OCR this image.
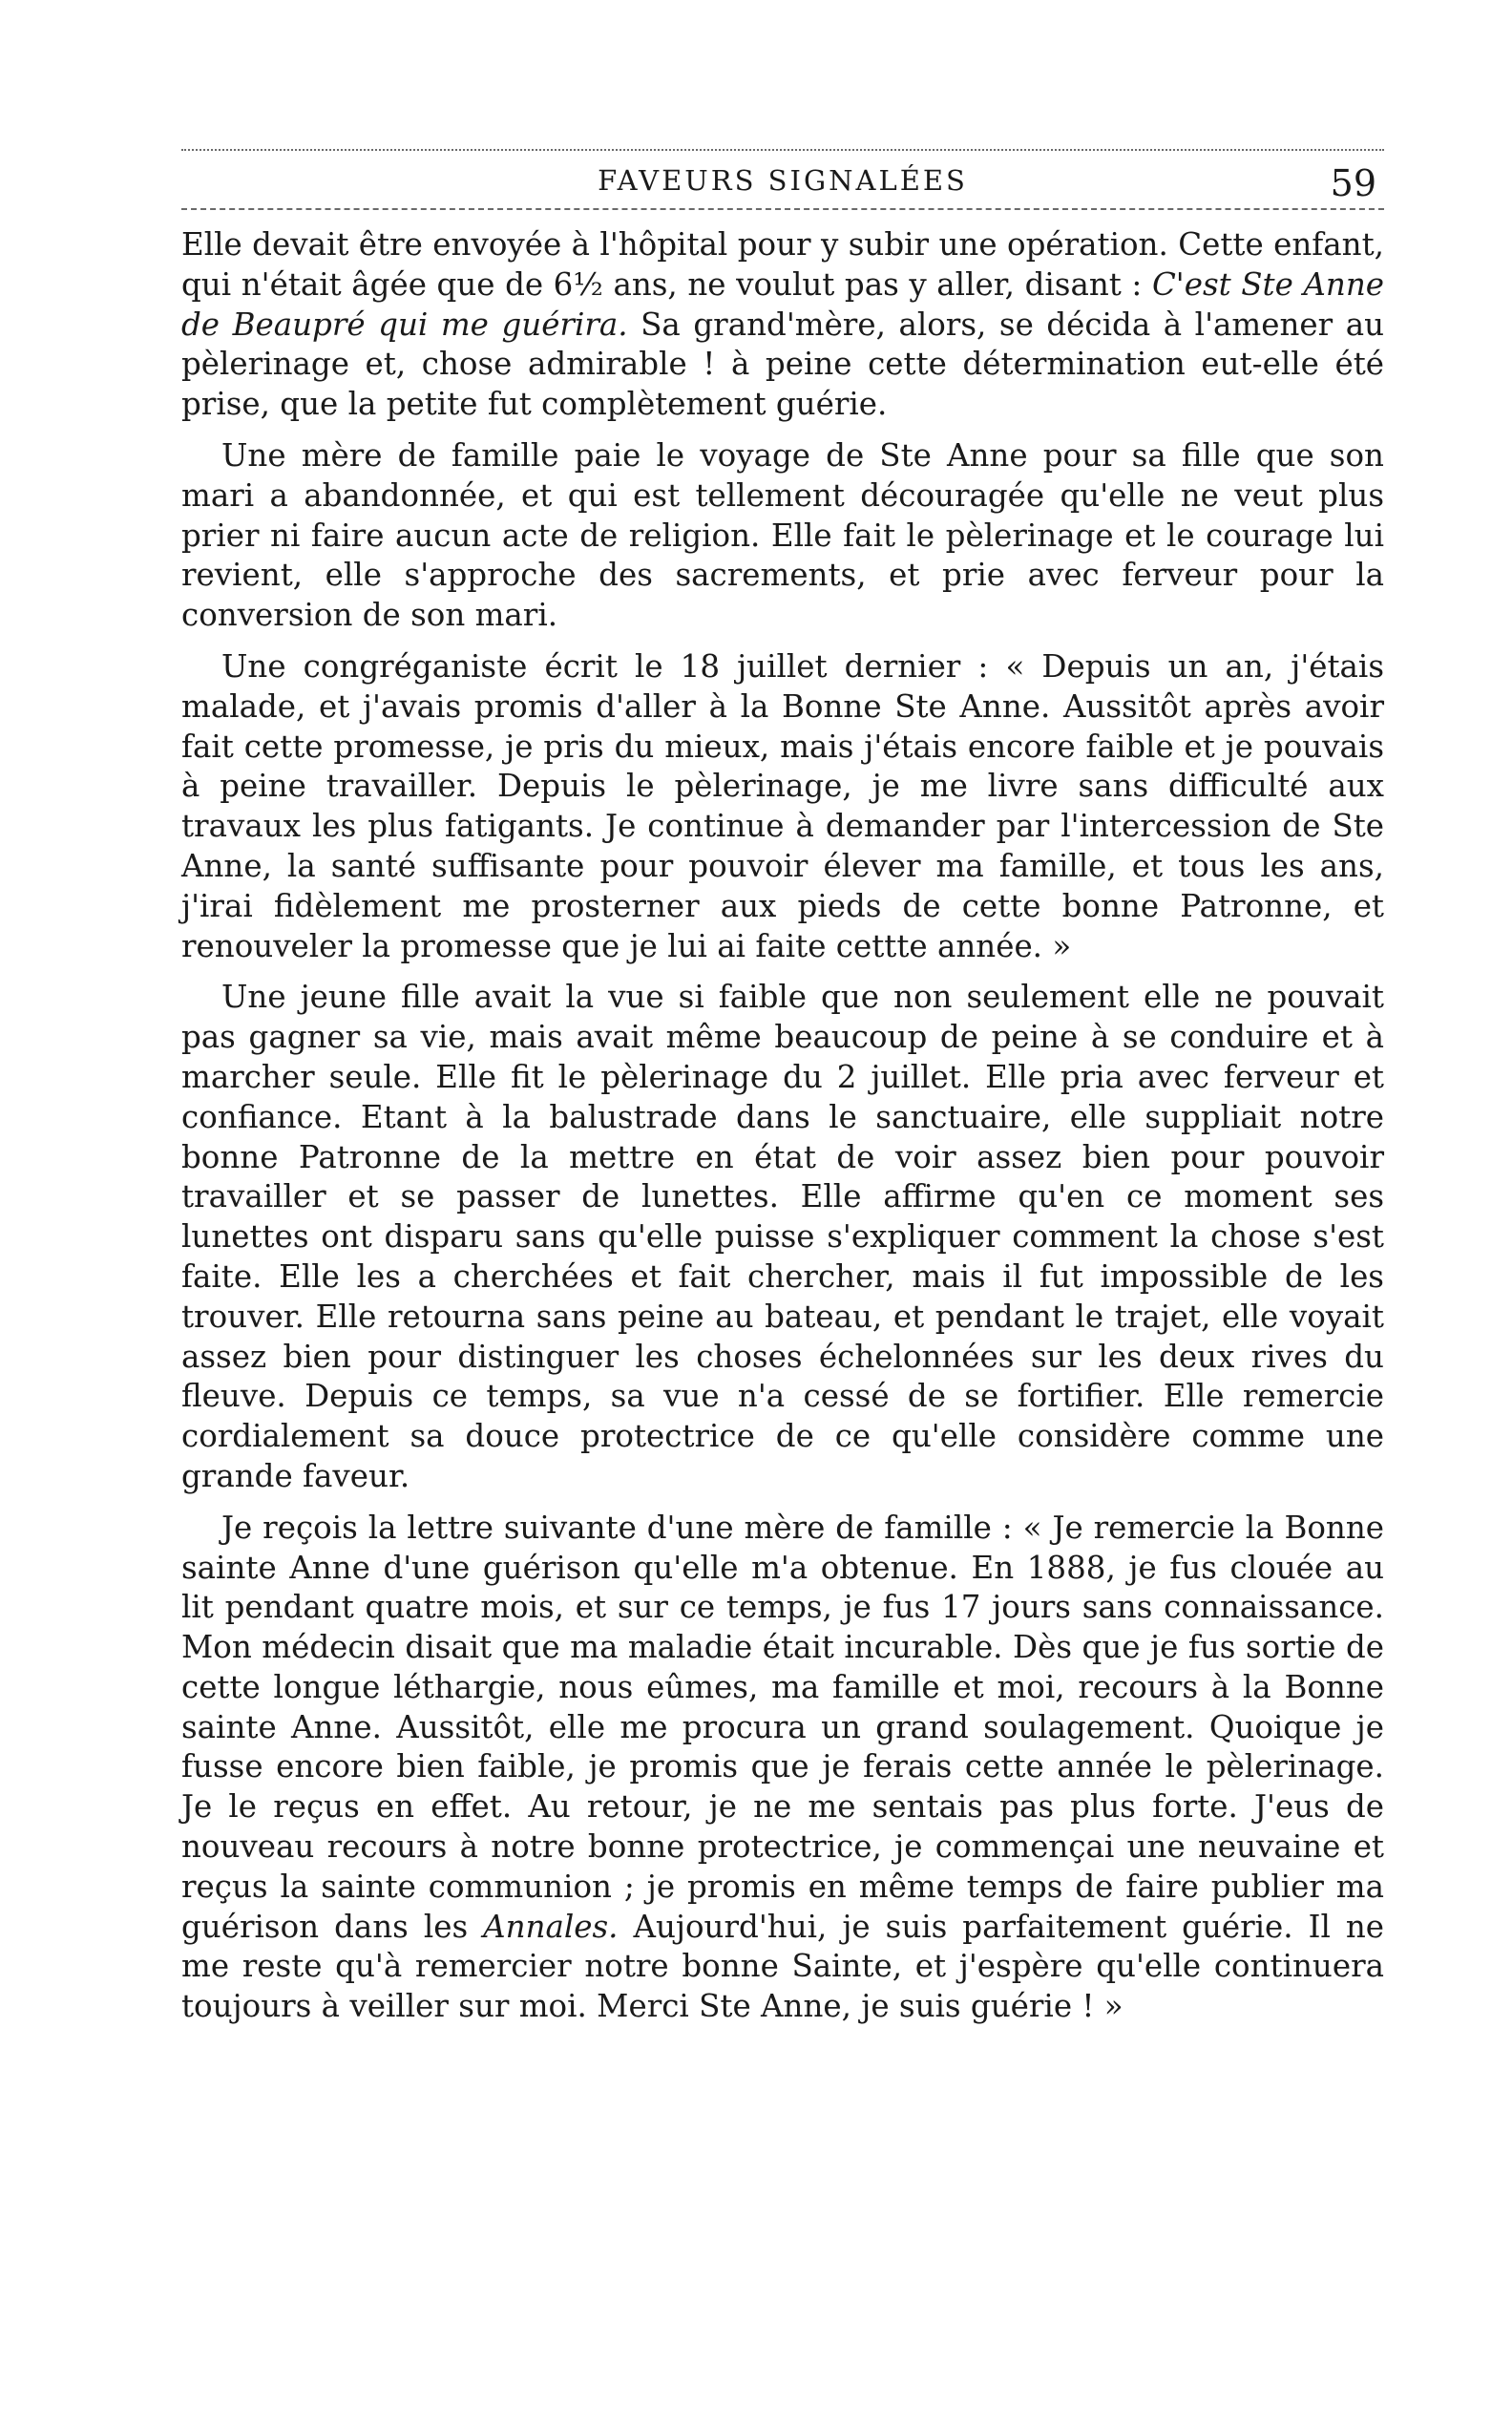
FAVEURS SIGNALÉES	59

Elle devait être envoyée à l'hôpital pour y subir une opération. Cette enfant, qui n'était âgée que de 6½ ans, ne voulut pas y aller, disant : C'est Ste Anne de Beaupré qui me guérira. Sa grand'mère, alors, se décida à l'amener au pèlerinage et, chose admirable ! à peine cette détermination eut-elle été prise, que la petite fut complètement guérie.

Une mère de famille paie le voyage de Ste Anne pour sa fille que son mari a abandonnée, et qui est tellement découragée qu'elle ne veut plus prier ni faire aucun acte de religion. Elle fait le pèlerinage et le courage lui revient, elle s'approche des sacrements, et prie avec ferveur pour la conversion de son mari.

Une congréganiste écrit le 18 juillet dernier : « Depuis un an, j'étais malade, et j'avais promis d'aller à la Bonne Ste Anne. Aussitôt après avoir fait cette promesse, je pris du mieux, mais j'étais encore faible et je pouvais à peine travailler. Depuis le pèlerinage, je me livre sans difficulté aux travaux les plus fatigants. Je continue à demander par l'intercession de Ste Anne, la santé suffisante pour pouvoir élever ma famille, et tous les ans, j'irai fidèlement me prosterner aux pieds de cette bonne Patronne, et renouveler la promesse que je lui ai faite cettte année. »

Une jeune fille avait la vue si faible que non seulement elle ne pouvait pas gagner sa vie, mais avait même beaucoup de peine à se conduire et à marcher seule. Elle fit le pèlerinage du 2 juillet. Elle pria avec ferveur et confiance. Etant à la balustrade dans le sanctuaire, elle suppliait notre bonne Patronne de la mettre en état de voir assez bien pour pouvoir travailler et se passer de lunettes. Elle affirme qu'en ce moment ses lunettes ont disparu sans qu'elle puisse s'expliquer comment la chose s'est faite. Elle les a cherchées et fait chercher, mais il fut impossible de les trouver. Elle retourna sans peine au bateau, et pendant le trajet, elle voyait assez bien pour distinguer les choses échelonnées sur les deux rives du fleuve. Depuis ce temps, sa vue n'a cessé de se fortifier. Elle remercie cordialement sa douce protectrice de ce qu'elle considère comme une grande faveur.

Je reçois la lettre suivante d'une mère de famille : « Je remercie la Bonne sainte Anne d'une guérison qu'elle m'a obtenue. En 1888, je fus clouée au lit pendant quatre mois, et sur ce temps, je fus 17 jours sans connaissance. Mon médecin disait que ma maladie était incurable. Dès que je fus sortie de cette longue léthargie, nous eûmes, ma famille et moi, recours à la Bonne sainte Anne. Aussitôt, elle me procura un grand soulagement. Quoique je fusse encore bien faible, je promis que je ferais cette année le pèlerinage. Je le reçus en effet. Au retour, je ne me sentais pas plus forte. J'eus de nouveau recours à notre bonne protectrice, je commençai une neuvaine et reçus la sainte communion ; je promis en même temps de faire publier ma guérison dans les Annales. Aujourd'hui, je suis parfaitement guérie. Il ne me reste qu'à remercier notre bonne Sainte, et j'espère qu'elle continuera toujours à veiller sur moi. Merci Ste Anne, je suis guérie ! »
